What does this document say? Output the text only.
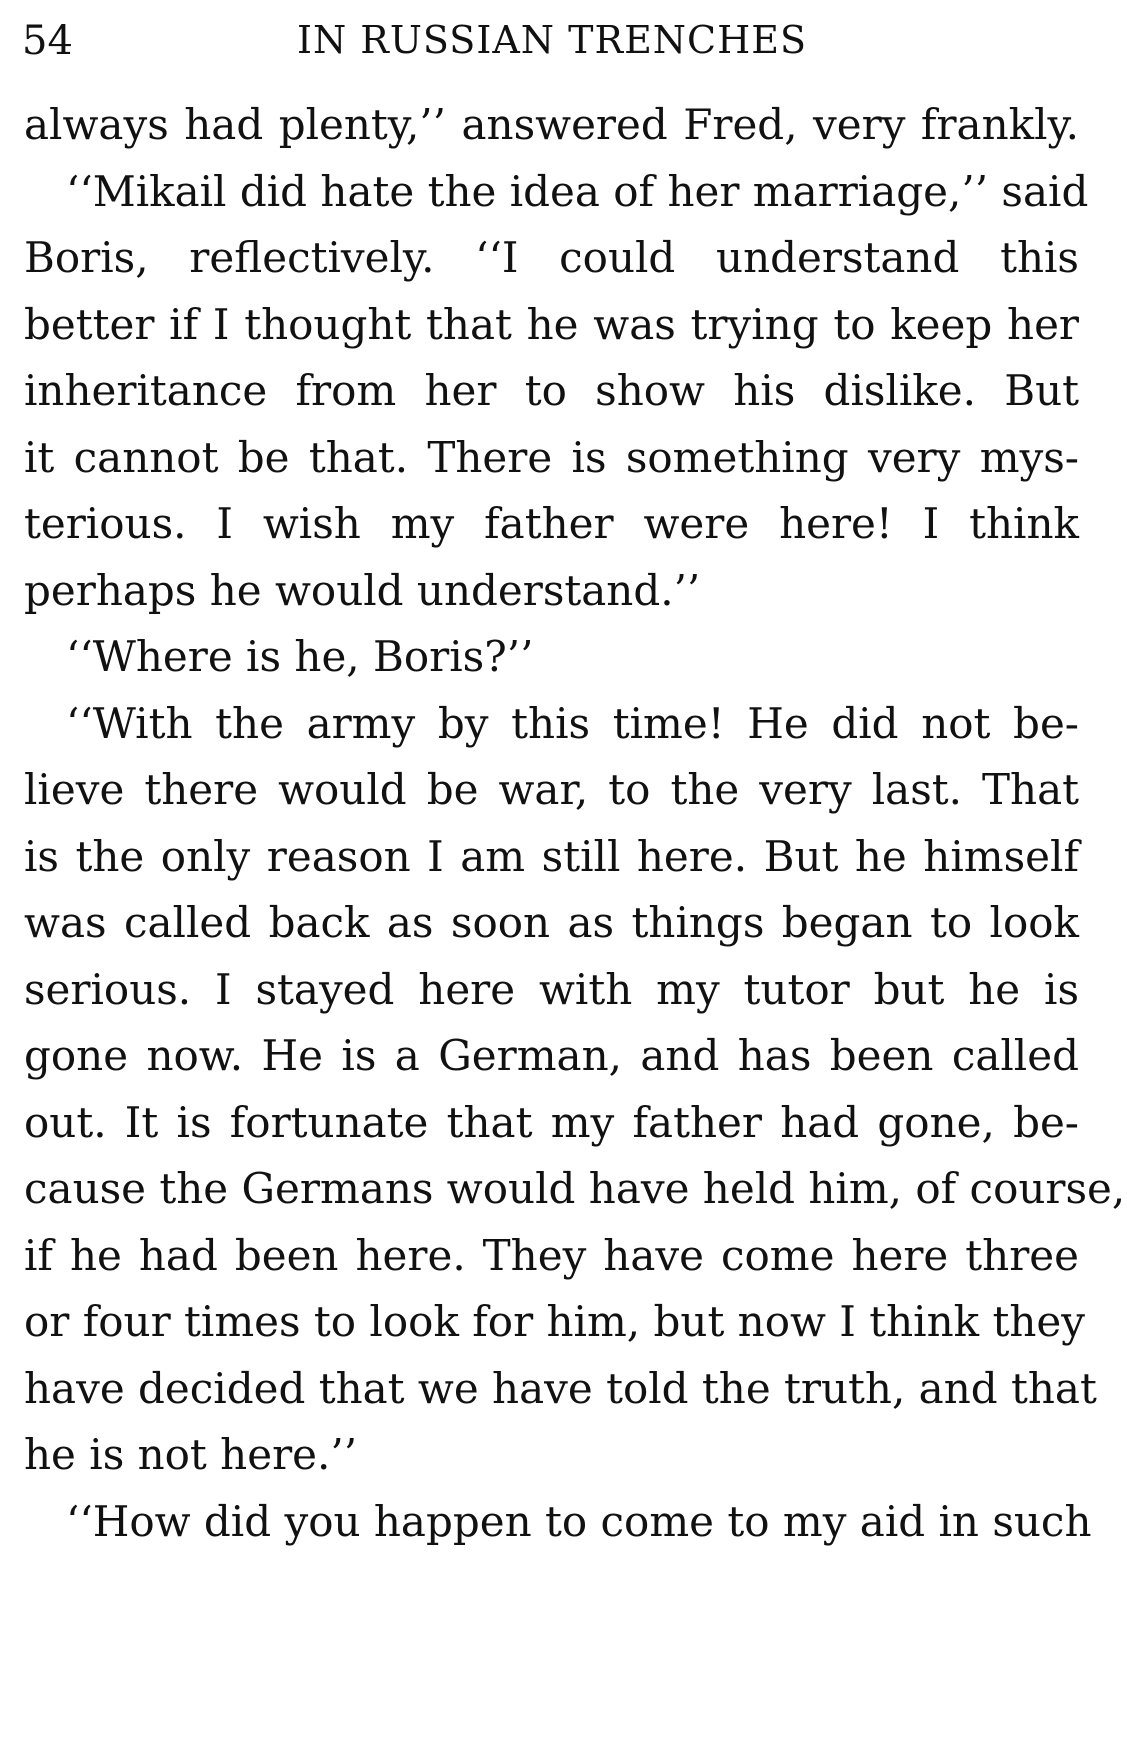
54	IN RUSSIAN TRENCHES
always had plenty,’’ answered Fred, very frankly.
‘‘Mikail did hate the idea of her marriage,’’ said
Boris, reflectively. ‘‘I could understand this
better if I thought that he was trying to keep her
inheritance from her to show his dislike. But
it cannot be that. There is something very mys-
terious. I wish my father were here! I think
perhaps he would understand.’’
‘‘Where is he, Boris?’’
‘‘With the army by this time! He did not be-
lieve there would be war, to the very last. That
is the only reason I am still here. But he himself
was called back as soon as things began to look
serious. I stayed here with my tutor but he is
gone now. He is a German, and has been called
out. It is fortunate that my father had gone, be-
cause the Germans would have held him, of course,
if he had been here. They have come here three
or four times to look for him, but now I think they
have decided that we have told the truth, and that
he is not here.’’
‘‘How did you happen to come to my aid in such
